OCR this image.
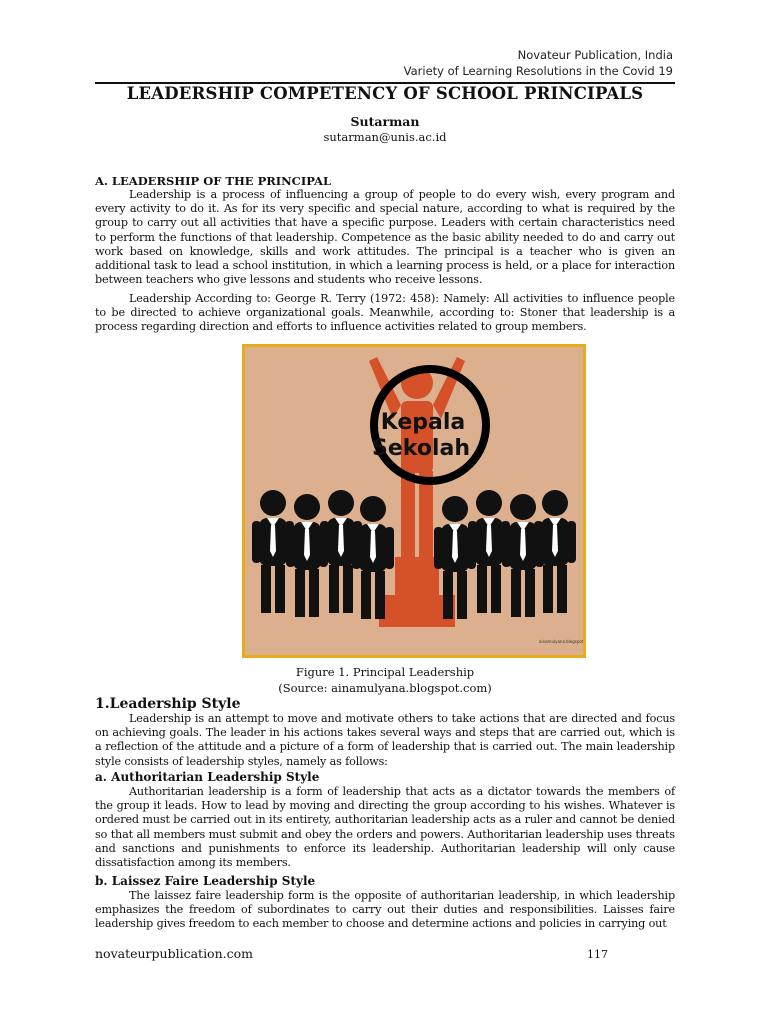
Novateur Publication, India
Variety of Learning Resolutions in the Covid 19
LEADERSHIP COMPETENCY OF SCHOOL PRINCIPALS
Sutarman
sutarman@unis.ac.id
A. LEADERSHIP OF THE PRINCIPAL
Leadership is a process of influencing a group of people to do every wish, every program and every activity to do it. As for its very specific and special nature, according to what is required by the group to carry out all activities that have a specific purpose. Leaders with certain characteristics need to perform the functions of that leadership. Competence as the basic ability needed to do and carry out work based on knowledge, skills and work attitudes. The principal is a teacher who is given an additional task to lead a school institution, in which a learning process is held, or a place for interaction between teachers who give lessons and students who receive lessons.
Leadership According to: George R. Terry (1972: 458): Namely: All activities to influence people to be directed to achieve organizational goals. Meanwhile, according to: Stoner that leadership is a process regarding direction and efforts to influence activities related to group members.
Kepala
Sekolah
ainamulyana.blogspot
Figure 1. Principal Leadership
(Source: ainamulyana.blogspot.com)
1.Leadership Style
Leadership is an attempt to move and motivate others to take actions that are directed and focus on achieving goals. The leader in his actions takes several ways and steps that are carried out, which is a reflection of the attitude and a picture of a form of leadership that is carried out. The main leadership style consists of leadership styles, namely as follows:
a. Authoritarian Leadership Style
Authoritarian leadership is a form of leadership that acts as a dictator towards the members of the group it leads. How to lead by moving and directing the group according to his wishes. Whatever is ordered must be carried out in its entirety, authoritarian leadership acts as a ruler and cannot be denied so that all members must submit and obey the orders and powers. Authoritarian leadership uses threats and sanctions and punishments to enforce its leadership. Authoritarian leadership will only cause dissatisfaction among its members.
b. Laissez Faire Leadership Style
The laissez faire leadership form is the opposite of authoritarian leadership, in which leadership emphasizes the freedom of subordinates to carry out their duties and responsibilities. Laisses faire leadership gives freedom to each member to choose and determine actions and policies in carrying out
novateurpublication.com	117
